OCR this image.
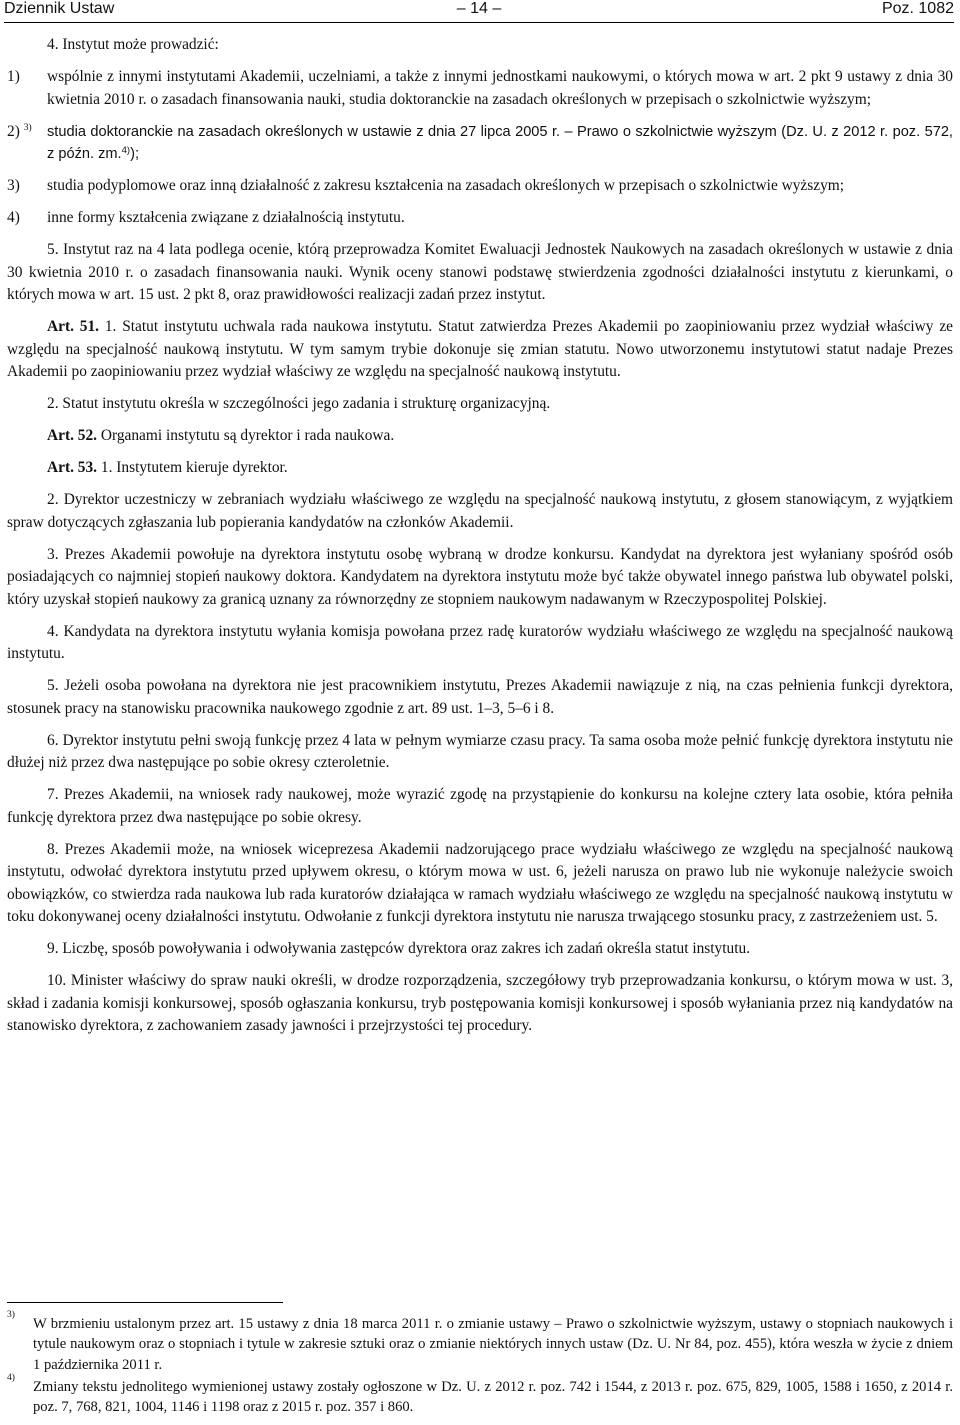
Dziennik Ustaw	– 14 –	Poz. 1082

4. Instytut może prowadzić:

1) wspólnie z innymi instytutami Akademii, uczelniami, a także z innymi jednostkami naukowymi, o których mowa w art. 2 pkt 9 ustawy z dnia 30 kwietnia 2010 r. o zasadach finansowania nauki, studia doktoranckie na zasadach określonych w przepisach o szkolnictwie wyższym;
2) $^{3)}$ studia doktoranckie na zasadach określonych w ustawie z dnia 27 lipca 2005 r. – Prawo o szkolnictwie wyższym (Dz. U. z 2012 r. poz. 572, z późn. zm.$^{4)}$);
3) studia podyplomowe oraz inną działalność z zakresu kształcenia na zasadach określonych w przepisach o szkolnictwie wyższym;
4) inne formy kształcenia związane z działalnością instytutu.

5. Instytut raz na 4 lata podlega ocenie, którą przeprowadza Komitet Ewaluacji Jednostek Naukowych na zasadach określonych w ustawie z dnia 30 kwietnia 2010 r. o zasadach finansowania nauki. Wynik oceny stanowi podstawę stwierdzenia zgodności działalności instytutu z kierunkami, o których mowa w art. 15 ust. 2 pkt 8, oraz prawidłowości realizacji zadań przez instytut.

Art. 51. 1. Statut instytutu uchwala rada naukowa instytutu. Statut zatwierdza Prezes Akademii po zaopiniowaniu przez wydział właściwy ze względu na specjalność naukową instytutu. W tym samym trybie dokonuje się zmian statutu. Nowo utworzonemu instytutowi statut nadaje Prezes Akademii po zaopiniowaniu przez wydział właściwy ze względu na specjalność naukową instytutu.

2. Statut instytutu określa w szczególności jego zadania i strukturę organizacyjną.

Art. 52. Organami instytutu są dyrektor i rada naukowa.

Art. 53. 1. Instytutem kieruje dyrektor.

2. Dyrektor uczestniczy w zebraniach wydziału właściwego ze względu na specjalność naukową instytutu, z głosem stanowiącym, z wyjątkiem spraw dotyczących zgłaszania lub popierania kandydatów na członków Akademii.

3. Prezes Akademii powołuje na dyrektora instytutu osobę wybraną w drodze konkursu. Kandydat na dyrektora jest wyłaniany spośród osób posiadających co najmniej stopień naukowy doktora. Kandydatem na dyrektora instytutu może być także obywatel innego państwa lub obywatel polski, który uzyskał stopień naukowy za granicą uznany za równorzędny ze stopniem naukowym nadawanym w Rzeczypospolitej Polskiej.

4. Kandydata na dyrektora instytutu wyłania komisja powołana przez radę kuratorów wydziału właściwego ze względu na specjalność naukową instytutu.

5. Jeżeli osoba powołana na dyrektora nie jest pracownikiem instytutu, Prezes Akademii nawiązuje z nią, na czas pełnienia funkcji dyrektora, stosunek pracy na stanowisku pracownika naukowego zgodnie z art. 89 ust. 1–3, 5–6 i 8.

6. Dyrektor instytutu pełni swoją funkcję przez 4 lata w pełnym wymiarze czasu pracy. Ta sama osoba może pełnić funkcję dyrektora instytutu nie dłużej niż przez dwa następujące po sobie okresy czteroletnie.

7. Prezes Akademii, na wniosek rady naukowej, może wyrazić zgodę na przystąpienie do konkursu na kolejne cztery lata osobie, która pełniła funkcję dyrektora przez dwa następujące po sobie okresy.

8. Prezes Akademii może, na wniosek wiceprezesa Akademii nadzorującego prace wydziału właściwego ze względu na specjalność naukową instytutu, odwołać dyrektora instytutu przed upływem okresu, o którym mowa w ust. 6, jeżeli narusza on prawo lub nie wykonuje należycie swoich obowiązków, co stwierdza rada naukowa lub rada kuratorów działająca w ramach wydziału właściwego ze względu na specjalność naukową instytutu w toku dokonywanej oceny działalności instytutu. Odwołanie z funkcji dyrektora instytutu nie narusza trwającego stosunku pracy, z zastrzeżeniem ust. 5.

9. Liczbę, sposób powoływania i odwoływania zastępców dyrektora oraz zakres ich zadań określa statut instytutu.

10. Minister właściwy do spraw nauki określi, w drodze rozporządzenia, szczegółowy tryb przeprowadzania konkursu, o którym mowa w ust. 3, skład i zadania komisji konkursowej, sposób ogłaszania konkursu, tryb postępowania komisji konkursowej i sposób wyłaniania przez nią kandydatów na stanowisko dyrektora, z zachowaniem zasady jawności i przejrzystości tej procedury.

3)
W brzmieniu ustalonym przez art. 15 ustawy z dnia 18 marca 2011 r. o zmianie ustawy – Prawo o szkolnictwie wyższym, ustawy o stopniach naukowych i tytule naukowym oraz o stopniach i tytule w zakresie sztuki oraz o zmianie niektórych innych ustaw (Dz. U. Nr 84, poz. 455), która weszła w życie z dniem 1 października 2011 r.
4)
Zmiany tekstu jednolitego wymienionej ustawy zostały ogłoszone w Dz. U. z 2012 r. poz. 742 i 1544, z 2013 r. poz. 675, 829, 1005, 1588 i 1650, z 2014 r. poz. 7, 768, 821, 1004, 1146 i 1198 oraz z 2015 r. poz. 357 i 860.
